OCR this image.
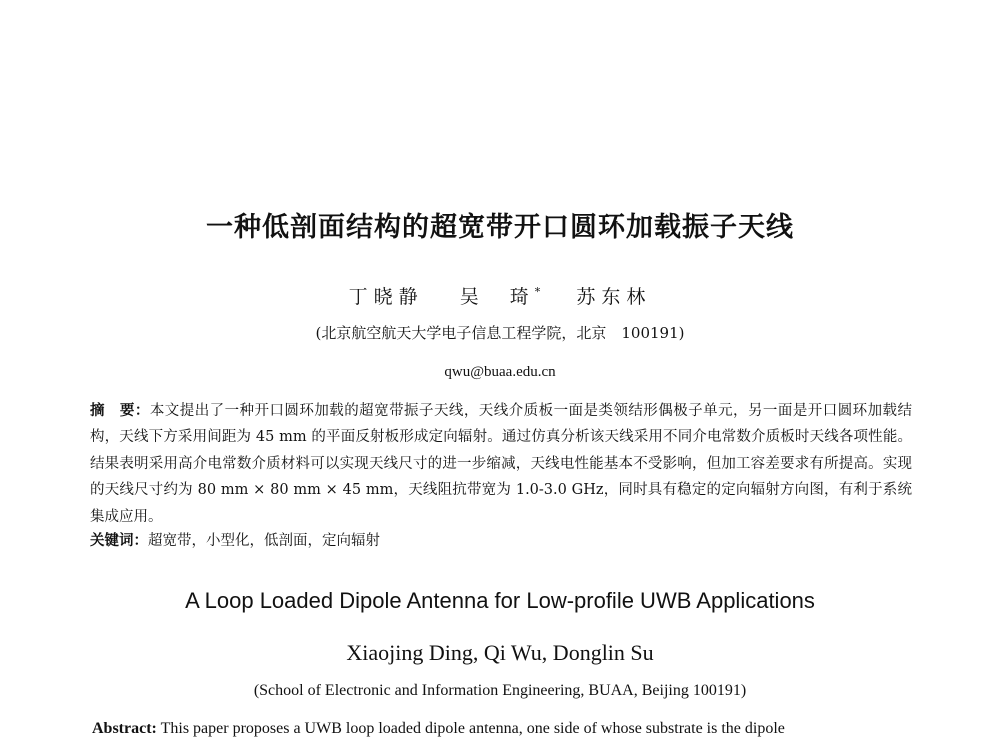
一种低剖面结构的超宽带开口圆环加载振子天线
丁晓静 吴　琦* 苏东林
(北京航空航天大学电子信息工程学院，北京　100191)
qwu@buaa.edu.cn
摘　要：本文提出了一种开口圆环加载的超宽带振子天线，天线介质板一面是类领结形偶极子单元，另一面是开口圆环加载结构，天线下方采用间距为 45 mm 的平面反射板形成定向辐射。通过仿真分析该天线采用不同介电常数介质板时天线各项性能。结果表明采用高介电常数介质材料可以实现天线尺寸的进一步缩减，天线电性能基本不受影响，但加工容差要求有所提高。实现的天线尺寸约为 80 mm × 80 mm × 45 mm，天线阻抗带宽为 1.0-3.0 GHz，同时具有稳定的定向辐射方向图，有利于系统集成应用。
关键词：超宽带，小型化，低剖面，定向辐射
A Loop Loaded Dipole Antenna for Low-profile UWB Applications
Xiaojing Ding, Qi Wu, Donglin Su
(School of Electronic and Information Engineering, BUAA, Beijing 100191)
Abstract: This paper proposes a UWB loop loaded dipole antenna, one side of whose substrate is the dipole
